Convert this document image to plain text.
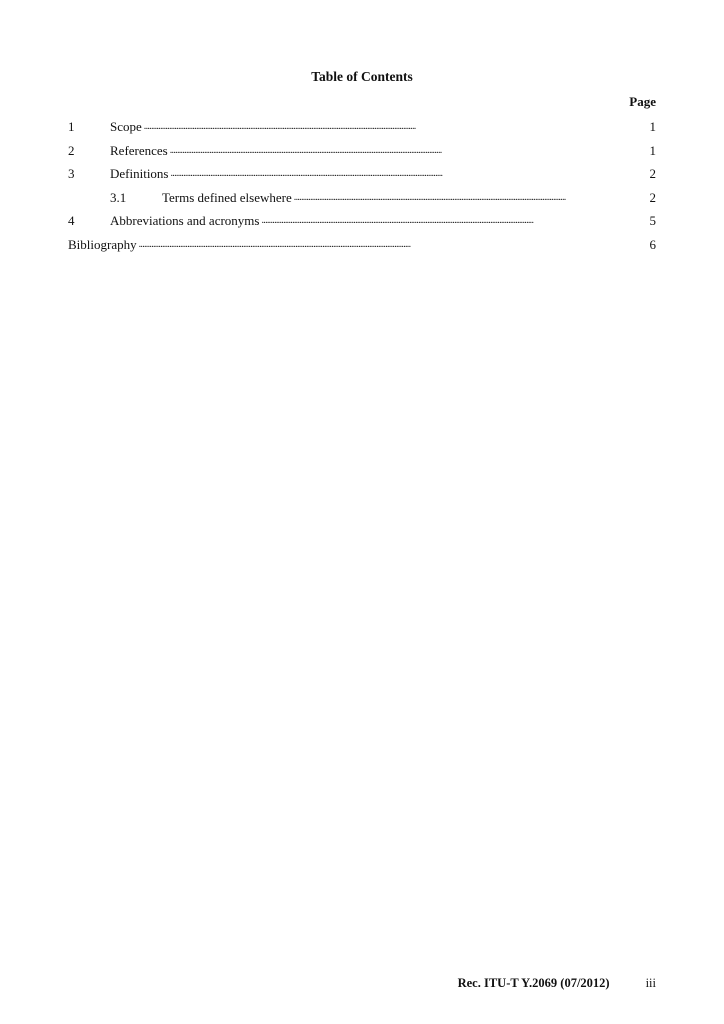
Table of Contents
Page
1	Scope . . .	1
2	References . . .	1
3	Definitions . . .	2
3.1	Terms defined elsewhere . . .	2
4	Abbreviations and acronyms . . .	5
Bibliography . . .	6
Rec. ITU-T Y.2069 (07/2012)	iii
